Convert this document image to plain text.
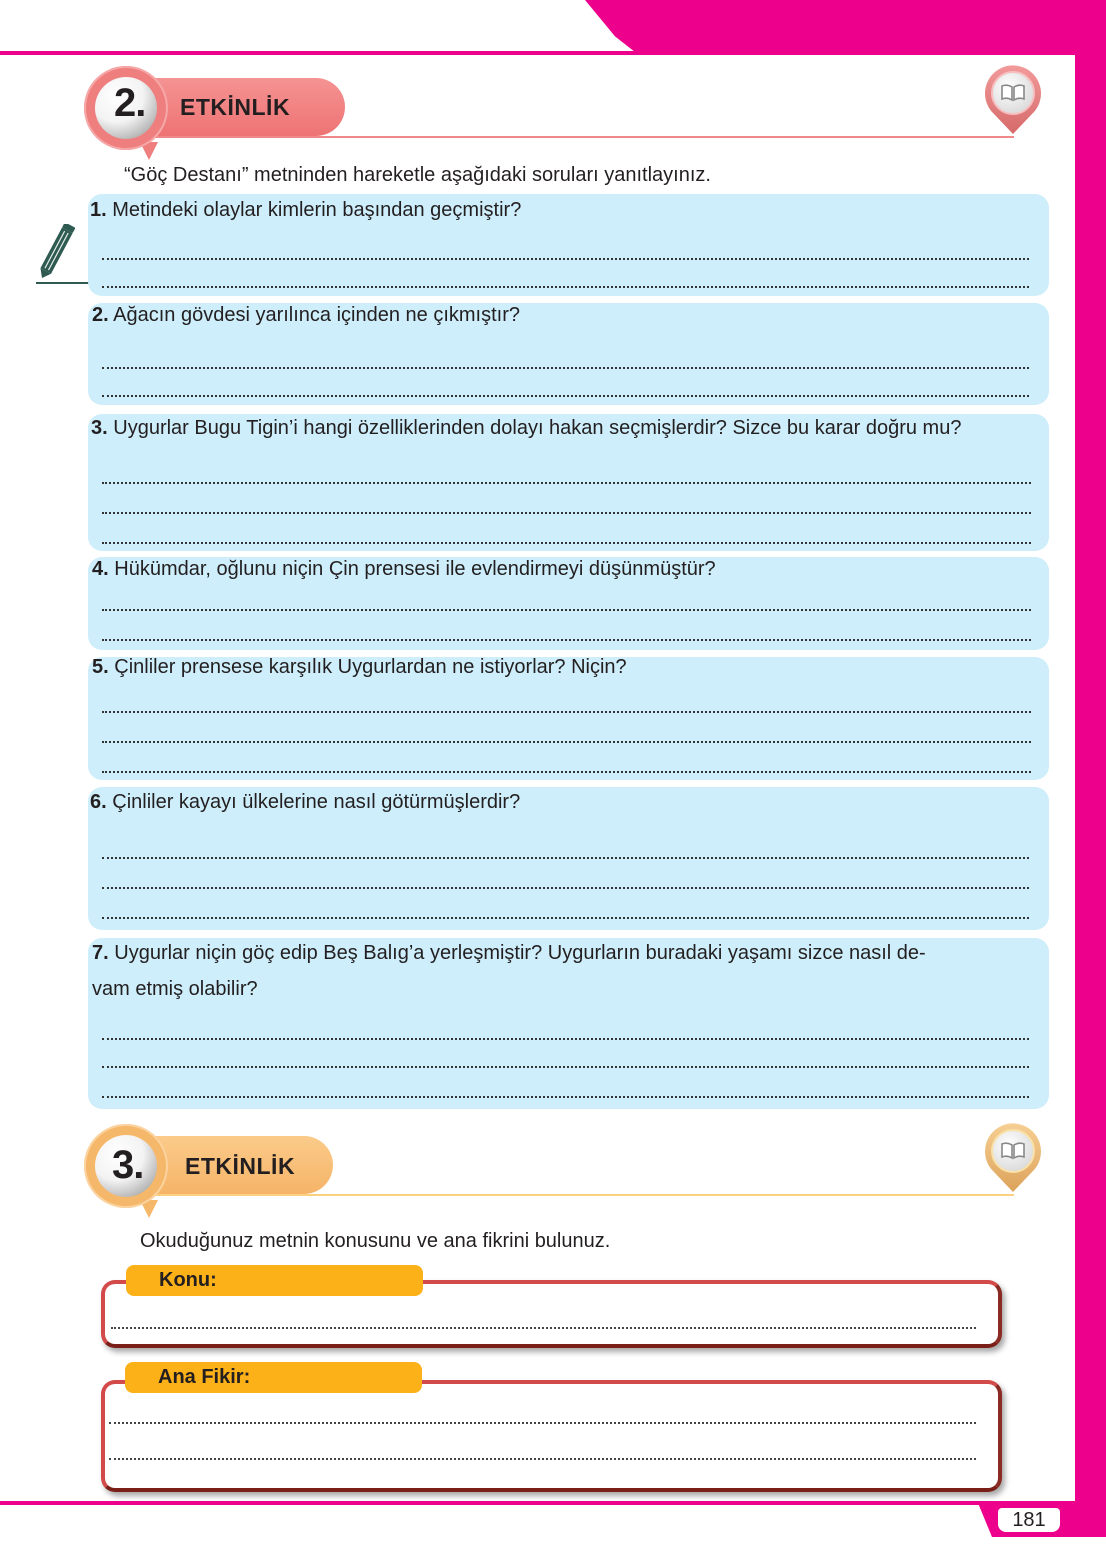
181
2. ETKİNLİK
“Göç Destanı” metninden hareketle aşağıdaki soruları yanıtlayınız.
1. Metindeki olaylar kimlerin başından geçmiştir?
2. Ağacın gövdesi yarılınca içinden ne çıkmıştır?
3. Uygurlar Bugu Tigin’i hangi özelliklerinden dolayı hakan seçmişlerdir? Sizce bu karar doğru mu?
4. Hükümdar, oğlunu niçin Çin prensesi ile evlendirmeyi düşünmüştür?
5. Çinliler prensese karşılık Uygurlardan ne istiyorlar? Niçin?
6. Çinliler kayayı ülkelerine nasıl götürmüşlerdir?
7. Uygurlar niçin göç edip Beş Balıg’a yerleşmiştir? Uygurların buradaki yaşamı sizce nasıl de-
vam etmiş olabilir?
3. ETKİNLİK
Okuduğunuz metnin konusunu ve ana fikrini bulunuz.
Konu:
Ana Fikir:
